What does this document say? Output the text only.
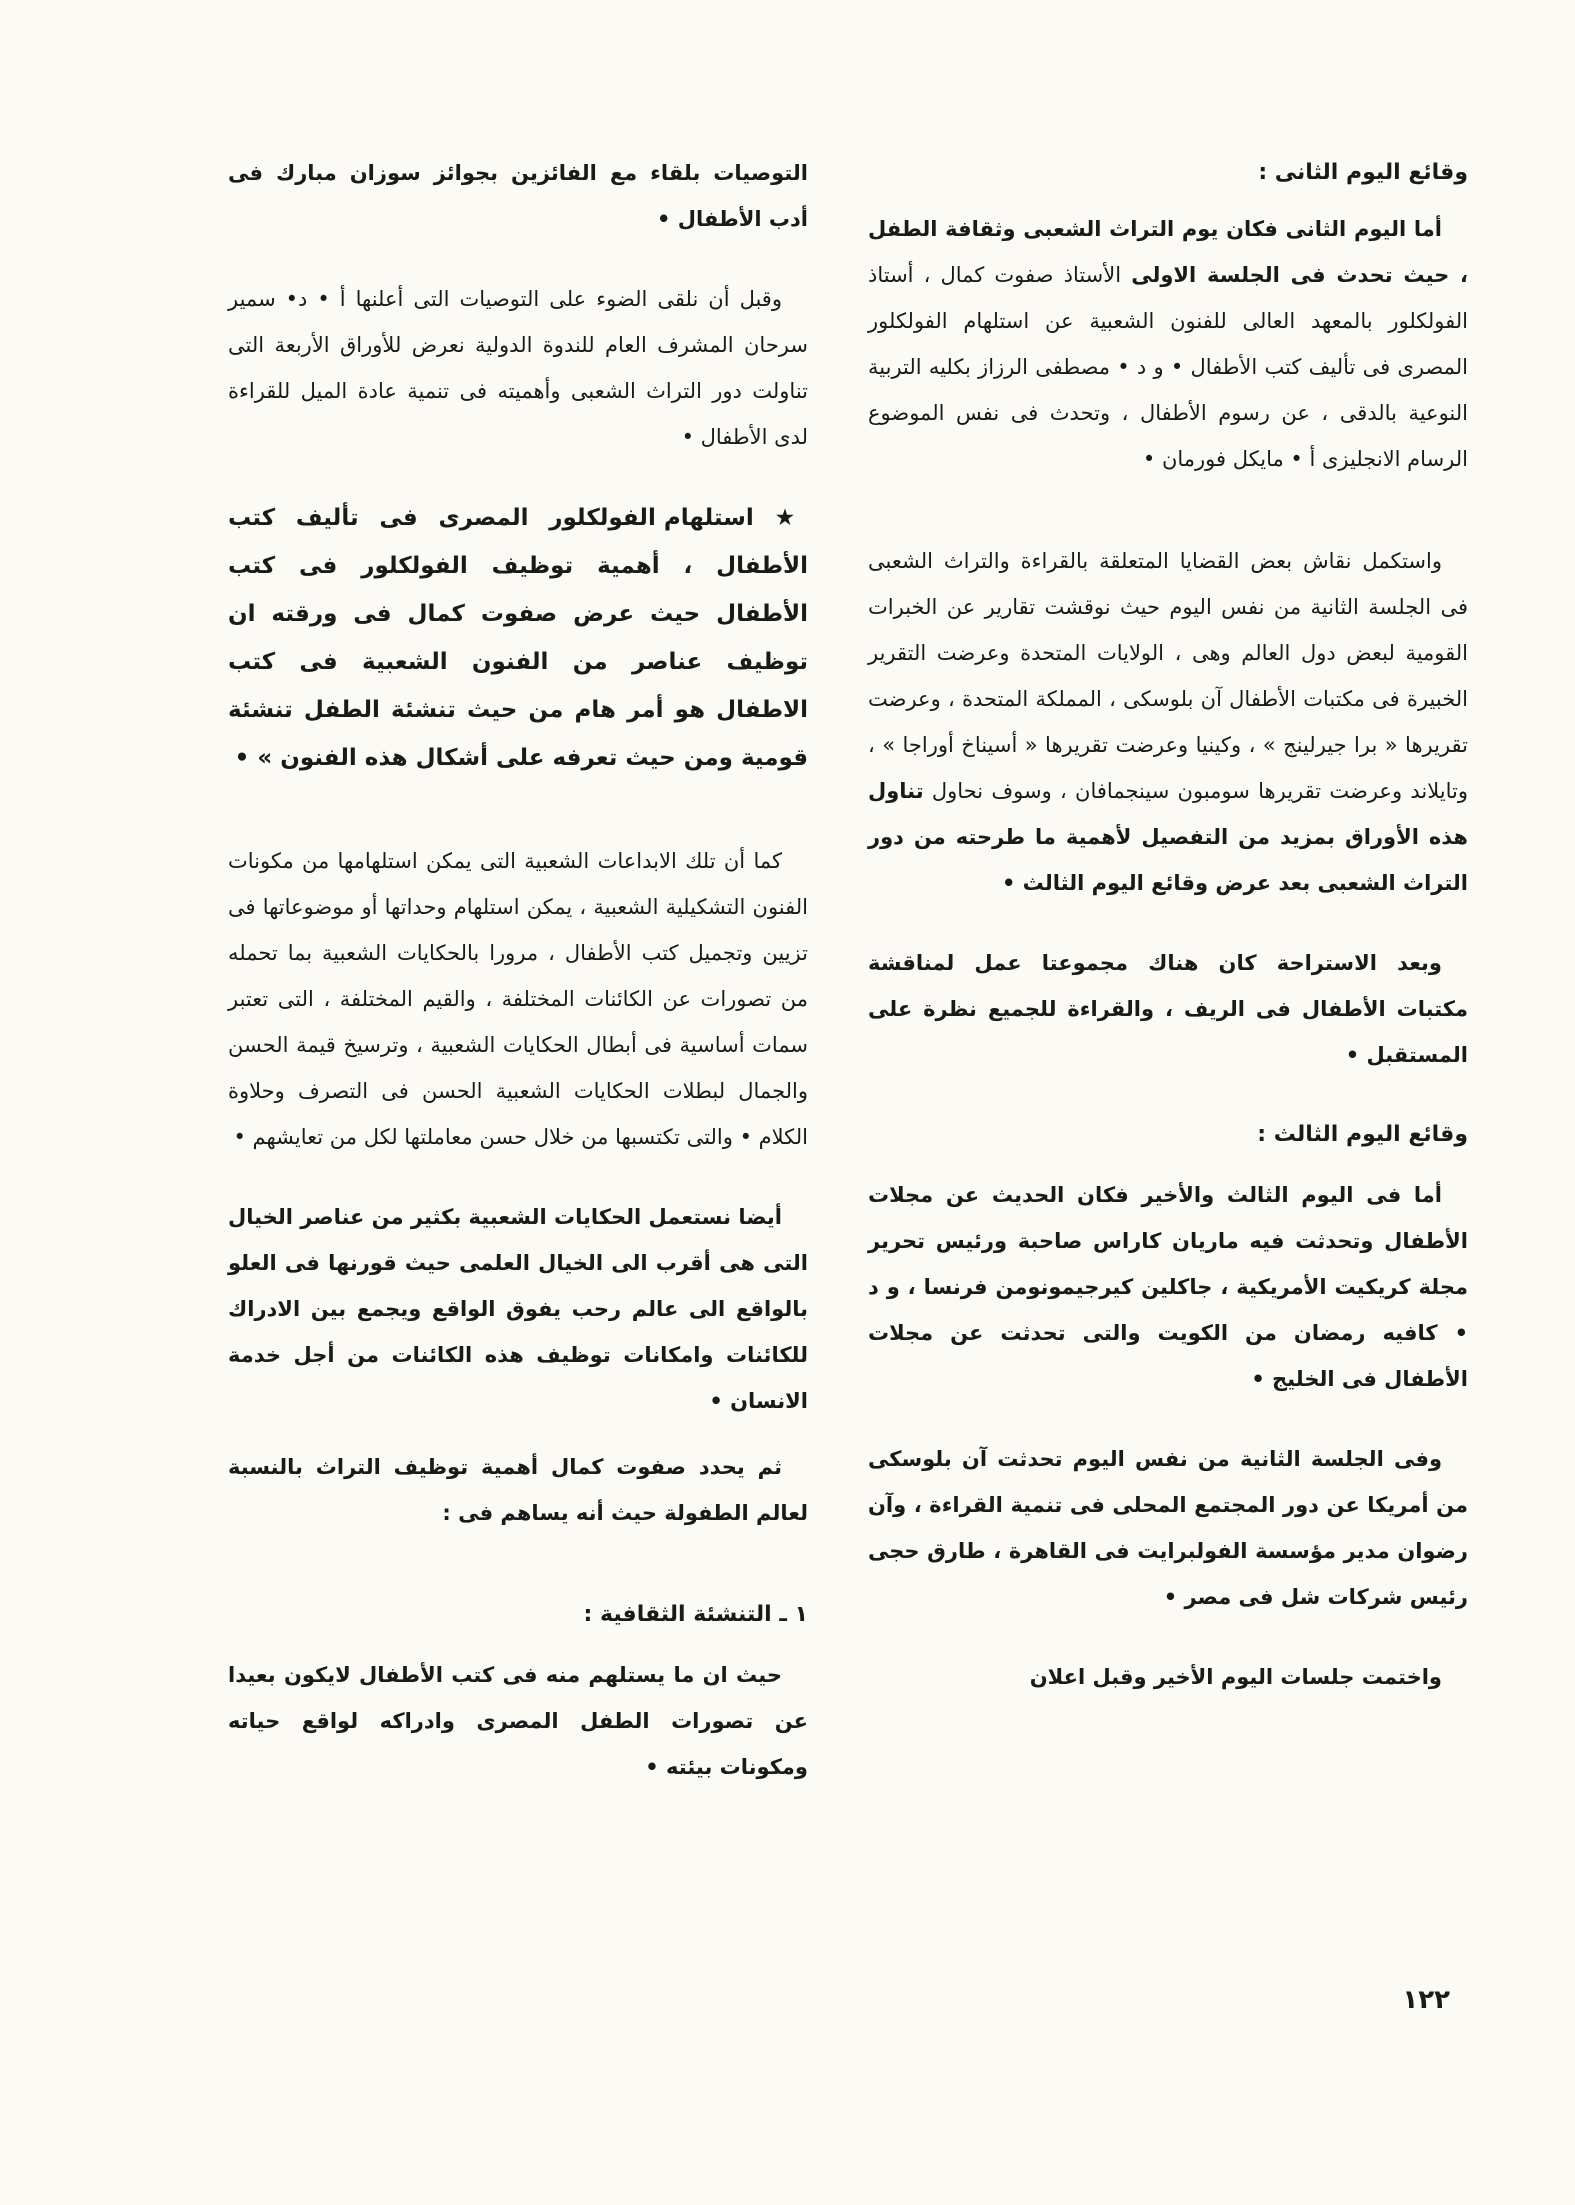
وقائع اليوم الثانى :

أما اليوم الثانى فكان يوم التراث الشعبى وثقافة الطفل ، حيث تحدث فى الجلسة الاولى الأستاذ صفوت كمال ، أستاذ الفولكلور بالمعهد العالى للفنون الشعبية عن استلهام الفولكلور المصرى فى تأليف كتب الأطفال • و د • مصطفى الرزاز بكليه التربية النوعية بالدقى ، عن رسوم الأطفال ، وتحدث فى نفس الموضوع الرسام الانجليزى أ • مايكل فورمان •

واستكمل نقاش بعض القضايا المتعلقة بالقراءة والتراث الشعبى فى الجلسة الثانية من نفس اليوم حيث نوقشت تقارير عن الخبرات القومية لبعض دول العالم وهى ، الولايات المتحدة وعرضت التقرير الخبيرة فى مكتبات الأطفال آن بلوسكى ، المملكة المتحدة ، وعرضت تقريرها « برا جيرلينج » ، وكينيا وعرضت تقريرها « أسيناخ أوراجا » ، وتايلاند وعرضت تقريرها سومبون سينجمافان ، وسوف نحاول تناول هذه الأوراق بمزيد من التفصيل لأهمية ما طرحته من دور التراث الشعبى بعد عرض وقائع اليوم الثالث •

وبعد الاستراحة كان هناك مجموعتا عمل لمناقشة مكتبات الأطفال فى الريف ، والقراءة للجميع نظرة على المستقبل •

وقائع اليوم الثالث :

أما فى اليوم الثالث والأخير فكان الحديث عن مجلات الأطفال وتحدثت فيه ماريان كاراس صاحبة ورئيس تحرير مجلة كريكيت الأمريكية ، جاكلين كيرجيمونومن فرنسا ، و د • كافيه رمضان من الكويت والتى تحدثت عن مجلات الأطفال فى الخليج •

وفى الجلسة الثانية من نفس اليوم تحدثت آن بلوسكى من أمريكا عن دور المجتمع المحلى فى تنمية القراءة ، وآن رضوان مدير مؤسسة الفولبرايت فى القاهرة ، طارق حجى رئيس شركات شل فى مصر •

واختمت جلسات اليوم الأخير وقبل اعلان

التوصيات بلقاء مع الفائزين بجوائز سوزان مبارك فى أدب الأطفال •

وقبل أن نلقى الضوء على التوصيات التى أعلنها أ • د• سمير سرحان المشرف العام للندوة الدولية نعرض للأوراق الأربعة التى تناولت دور التراث الشعبى وأهميته فى تنمية عادة الميل للقراءة لدى الأطفال •

★ استلهام الفولكلور المصرى فى تأليف كتب الأطفال ، أهمية توظيف الفولكلور فى كتب الأطفال حيث عرض صفوت كمال فى ورقته ان توظيف عناصر من الفنون الشعبية فى كتب الاطفال هو أمر هام من حيث تنشئة الطفل تنشئة قومية ومن حيث تعرفه على أشكال هذه الفنون » •

كما أن تلك الابداعات الشعبية التى يمكن استلهامها من مكونات الفنون التشكيلية الشعبية ، يمكن استلهام وحداتها أو موضوعاتها فى تزيين وتجميل كتب الأطفال ، مرورا بالحكايات الشعبية بما تحمله من تصورات عن الكائنات المختلفة ، والقيم المختلفة ، التى تعتبر سمات أساسية فى أبطال الحكايات الشعبية ، وترسيخ قيمة الحسن والجمال لبطلات الحكايات الشعبية الحسن فى التصرف وحلاوة الكلام • والتى تكتسبها من خلال حسن معاملتها لكل من تعايشهم •

أيضا نستعمل الحكايات الشعبية بكثير من عناصر الخيال التى هى أقرب الى الخيال العلمى حيث قورنها فى العلو بالواقع الى عالم رحب يفوق الواقع ويجمع بين الادراك للكائنات وامكانات توظيف هذه الكائنات من أجل خدمة الانسان •

ثم يحدد صفوت كمال أهمية توظيف التراث بالنسبة لعالم الطفولة حيث أنه يساهم فى :

١ ـ التنشئة الثقافية :

حيث ان ما يستلهم منه فى كتب الأطفال لايكون بعيدا عن تصورات الطفل المصرى وادراكه لواقع حياته ومكونات بيئته •

١٢٢
